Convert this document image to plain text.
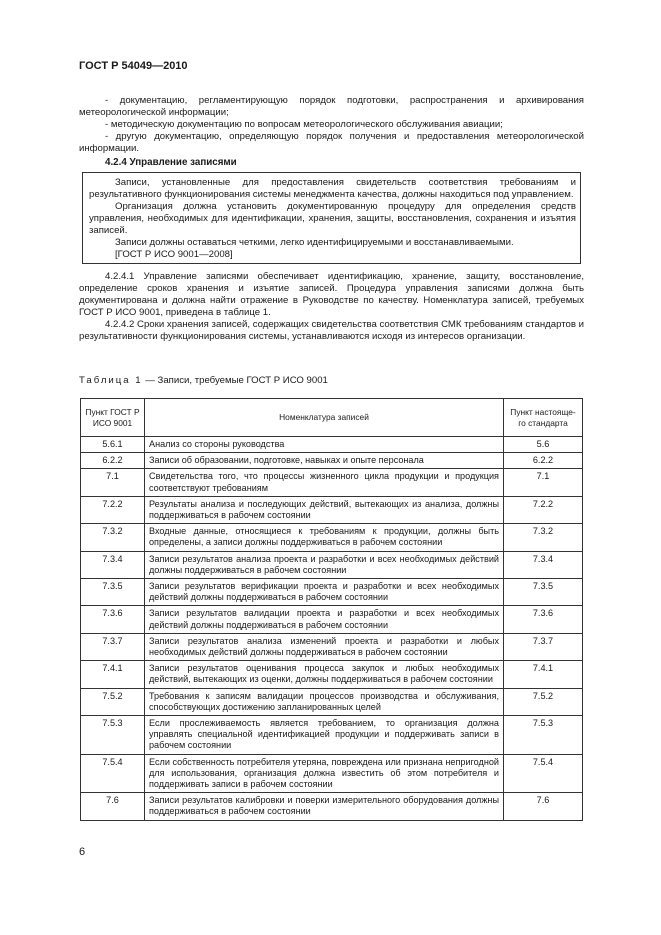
ГОСТ Р 54049—2010

- документацию, регламентирующую порядок подготовки, распространения и архивирования метеорологической информации;

- методическую документацию по вопросам метеорологического обслуживания авиации;

- другую документацию, определяющую порядок получения и предоставления метеорологической информации.

4.2.4 Управление записями

Записи, установленные для предоставления свидетельств соответствия требованиям и результативного функционирования системы менеджмента качества, должны находиться под управлением.

Организация должна установить документированную процедуру для определения средств управления, необходимых для идентификации, хранения, защиты, восстановления, сохранения и изъятия записей.

Записи должны оставаться четкими, легко идентифицируемыми и восстанавливаемыми.

[ГОСТ Р ИСО 9001—2008]

4.2.4.1 Управление записями обеспечивает идентификацию, хранение, защиту, восстановление, определение сроков хранения и изъятие записей. Процедура управления записями должна быть документирована и должна найти отражение в Руководстве по качеству. Номенклатура записей, требуемых ГОСТ Р ИСО 9001, приведена в таблице 1.

4.2.4.2 Сроки хранения записей, содержащих свидетельства соответствия СМК требованиям стандартов и результативности функционирования системы, устанавливаются исходя из интересов организации.

Таблица 1 — Записи, требуемые ГОСТ Р ИСО 9001
Пункт ГОСТ Р ИСО 9001	Номенклатура записей	Пункт настояще-го стандарта
5.6.1	Анализ со стороны руководства	5.6
6.2.2	Записи об образовании, подготовке, навыках и опыте персонала	6.2.2
7.1	Свидетельства того, что процессы жизненного цикла продукции и продукция соответствуют требованиям	7.1
7.2.2	Результаты анализа и последующих действий, вытекающих из анализа, должны поддерживаться в рабочем состоянии	7.2.2
7.3.2	Входные данные, относящиеся к требованиям к продукции, должны быть определены, а записи должны поддерживаться в рабочем состоянии	7.3.2
7.3.4	Записи результатов анализа проекта и разработки и всех необходимых действий должны поддерживаться в рабочем состоянии	7.3.4
7.3.5	Записи результатов верификации проекта и разработки и всех необходимых действий должны поддерживаться в рабочем состоянии	7.3.5
7.3.6	Записи результатов валидации проекта и разработки и всех необходимых действий должны поддерживаться в рабочем состоянии	7.3.6
7.3.7	Записи результатов анализа изменений проекта и разработки и любых необходимых действий должны поддерживаться в рабочем состоянии	7.3.7
7.4.1	Записи результатов оценивания процесса закупок и любых необходимых действий, вытекающих из оценки, должны поддерживаться в рабочем состоянии	7.4.1
7.5.2	Требования к записям валидации процессов производства и обслуживания, способствующих достижению запланированных целей	7.5.2
7.5.3	Если прослеживаемость является требованием, то организация должна управлять специальной идентификацией продукции и поддерживать записи в рабочем состоянии	7.5.3
7.5.4	Если собственность потребителя утеряна, повреждена или признана непригодной для использования, организация должна известить об этом потребителя и поддерживать записи в рабочем состоянии	7.5.4
7.6	Записи результатов калибровки и поверки измерительного оборудования должны поддерживаться в рабочем состоянии	7.6
6
